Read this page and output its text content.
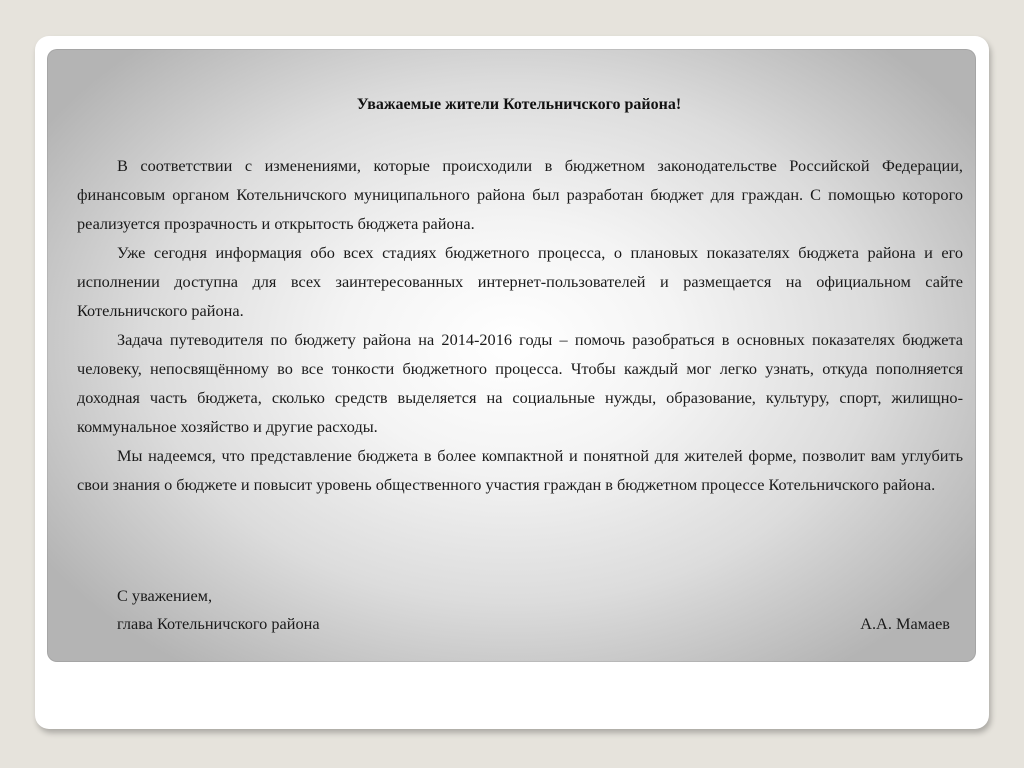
Уважаемые жители Котельничского района!

В соответствии с изменениями, которые происходили в бюджетном законодательстве Российской Федерации, финансовым органом Котельничского муниципального района был разработан бюджет для граждан. С помощью которого реализуется прозрачность и открытость бюджета района.

Уже сегодня информация обо всех стадиях бюджетного процесса, о плановых показателях бюджета района и его исполнении доступна для всех заинтересованных интернет-пользователей и размещается на официальном сайте Котельничского района.

Задача путеводителя по бюджету района на 2014-2016 годы – помочь разобраться в основных показателях бюджета человеку, непосвящённому во все тонкости бюджетного процесса. Чтобы каждый мог легко узнать, откуда пополняется доходная часть бюджета, сколько средств выделяется на социальные нужды, образование, культуру, спорт, жилищно-коммунальное хозяйство и другие расходы.

Мы надеемся, что представление бюджета в более компактной и понятной для жителей форме, позволит вам углубить свои знания о бюджете и повысит уровень общественного участия граждан в бюджетном процессе Котельничского района.

С уважением,
глава Котельничского района	А.А. Мамаев
